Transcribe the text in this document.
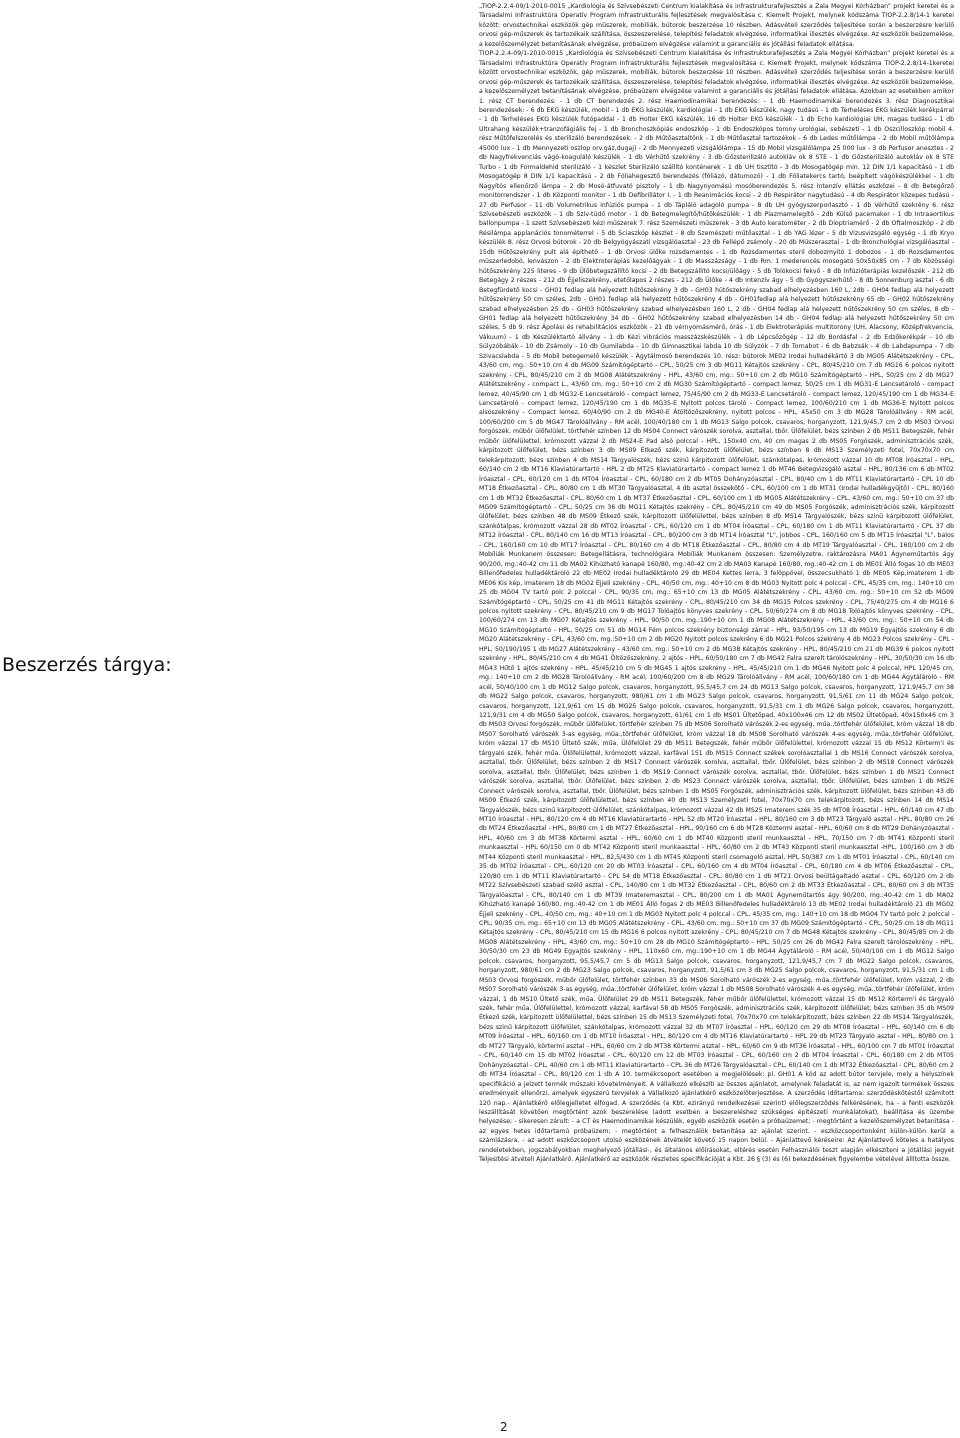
Beszerzés tárgya:

„TIOP-2.2.4-09/1-2010-0015 „Kardiológia és Szívsebészeti Centrum kialakítása és infrastrukturafejlesztés a Zala Megyei Kórházban” projekt keretei és a Társadalmi Infrastruktúra Operatív Program Infrastrukturális fejlesztések megvalósítása c. Kiemelt Projekt, melynek kódszáma TIOP-2.2.8/14-1 keretei között: orvostechnikai eszközök gép műszerek, mobíliák, bútorok beszerzése 10 részben. Adásvételi szerződés teljesítése során a beszerzésre kerülő orvosi gép-műszerek és tartozékaik szállítása, összeszerelése, telepítési feladatok elvégzése, informatikai illesztés elvégzése. Az eszközök beüzemelése, a kezelőszemélyzet betanításának elvégzése, próbaüzem elvégzése valamint a garanciális és jótállási feladatok ellátása.

TIOP-2.2.4-09/1-2010-0015 „Kardiológia és Szívsebészeti Centrum kialakítása és infrastrukturafejlesztés a Zala Megyei Kórházban” projekt keretei és a Társadalmi Infrastruktúra Operatív Program Infrastrukturális fejlesztések megvalósítása c. Kiemelt Projekt, melynek kódszáma TIOP-2.2.8/14-1keretei között orvostechnikai eszközök, gép műszerek, mobíliák, bútorok beszerzése 10 részben. Adásvételi szerződés teljesítése során a beszerzésre kerülő orvosi gép-műszerek és tartozékaik szállítása, összeszerelése, telepítési feladatok elvégzése, informatikai illesztés elvégzése. Az eszközök beüzemelése, a kezelőszemélyzet betanításának elvégzése, próbaüzem elvégzése valamint a garanciális és jótállási feladatok ellátása. Azokban az esetekben amikor 1. rész CT berendezés: - 1 db CT berendezés 2. rész Haemodinamikai berendezés: - 1 db Haemodinamikai berendezés 3. rész Diagnosztikai berendezések: - 6 db EKG készülék, mobil - 1 db EKG készülék, kardiológiai - 1 db EKG készülék, nagy tudású - 1 db Terheléses EKG készülék kerékpárral - 1 db Terheléses EKG készülék futópaddal - 1 db Holter EKG készülék, 16 db Holter EKG készülék - 1 db Echo kardiológiai UH, magas tudású - 1 db Ultrahang készülék+tranzofágiális fej - 1 db Bronchoszkópiás endoszkóp - 1 db Endoszkópos torony urológiai, sebészeti - 1 db Oszcilloszkóp mobil 4. rész Műtőfelszerelés és sterilizáló berendezések: - 2 db Műtőasztaltönk - 1 db Műtőasztal tartozékok - 6 db Ledes műtőlámpa - 2 db Mobil műtőlámpa 45000 lux - 1 db Mennyezeti oszlop orv.gáz,dugaj) - 2 db Mennyezeti vizsgálólámpa - 15 db Mobil vizsgálólámpa 25 000 lux - 3 db Perfusor anesztes - 2 db Nagyfrekvenciás vágó-koaguláló készülék - 1 db Vérhűtő szekrény - 3 db Gőzsterilizáló autokláv ok 8 STE - 1 db Gőzsterilizáló autokláv ok 8 STE Turbo - 1 db Formaldehid sterilizáló - 1 készlet Sterilizáló szállító konténerek - 1 db UH tisztító - 3 db Mosogatógép min. 12 DIN 1/1 kapacitású - 1 db Mosogatógép 8 DIN 1/1 kapacitású - 2 db Fóliahegesztő berendezés (fóliázó, dátumozó) - 1 db Fóliatekercs tartó, beépített vágókészülékkel - 1 db Nagyítós ellenőrző lámpa - 2 db Mosó-átfuvató pisztoly - 1 db Nagynyomású mosóberendezés 5. rész Intenzív ellátás eszközei - 8 db Betegőrző monitorrendszer - 1 db Központi monitor - 1 db Defibrillátor I. - 1 db Reanimációs kocsi - 2 db Respirátor nagytudású - 4 db Respirátor közepes tudású - 27 db Perfusor - 11 db Volumetrikus infúziós pumpa - 1 db Tápláló adagoló pumpa - 8 db UH gyógyszerporlasztó - 1 db Vérhűtő szekrény 6. rész Szívsebészeti eszközök - 1 db Szív-tüdő motor - 1 db Betegmelegítő/hűtőkészülék - 1 db Plazmamelegítő - 2db Külső pacemaker - 1 db Intraaortikus ballonpumpa - 1 szett Szívsebészeti kézi műszerek 7. rész Szemészeti műszerek - 3 db Auto keratométer - 2 db Dioptriamérő - 2 db Oftalmoszkóp - 2 db Résilámpa applanációs tonométerrel - 5 db Sciaszkóp készlet - 8 db Szemészeti műtőasztal - 1 db YAG lézer - 5 db Vizusvizsgáló egység - 1 db Kryo készülék 8. rész Orvosi bútorok - 20 db Belgyógyászati vizsgálóasztal - 23 db Fellépő zsámoly - 20 db Műszerasztal - 1 db Bronchológiai vizsgálóasztal - 15db Hűtőszekrény pult alá építhető - 1 db Orvosi ülőke rozsdamentes - 1 db Rozsdamentes steril dobozmyitó 1 dobozos - 1 db Rozsdamentes műszerledobó, lenvászon - 2 db Elektroterápiás kezelőágyak - 1 db Masszázságy - 1 db Rm. 1 mederencés mosogató 50x50x85 cm - 7 db Közösségi hűtőszekrény 225 literes - 9 db Ülőbetegszállító kocsi - 2 db Betegszállító kocsi/ülőágy - 5 db Tolókocsi fekvő - 8 db Infúzióterápiás kezelőszék - 212 db Betegágy 2 részes - 212 db Éjjeliszekrény, etetőlapos 2 részes - 212 db Ülőke - 4 db Intenzív ágy - 5 db Gyógyszerhűtő - 8 db Sonnenburg asztal - 6 db Betegfürdető kocsi - GH01 fedlap alá helyezett hűtőszekrény 3 db - GH03 hűtőszekrény szabad elhelyezésben 160 L, 2db - GH04 fedlap alá helyezett hűtőszekrény 50 cm széles, 2db - GH01 fedlap alá helyezett hűtőszekrény 4 db - GH01fedlap alá helyezett hűtőszekrény 65 db - GH02 hűtőszekrény szabad elhelyezésben 25 db - GH03 hűtőszekrény szabad elhelyezésben 160 L, 2 db - GH04 fedlap alá helyezett hűtőszekrény 50 cm széles, 8 db - GH01 fedlap alá helyezett hűtőszekrény 34 db - GH02 hűtőszekrény szabad elhelyezésben 14 db - GH04 fedlap alá helyezett hűtőszekrény 50 cm széles, 5 db 9. rész Ápolási és rehabilitációs eszközök - 21 db vérnyomásmérő, órás - 1 db Elektroterápiás multitorony (UH, Alacsony, Középfrekvencia, Vákuum) - 1 db Készüléktartó állvány - 1 db Kézi vibrációs masszázskészülék - 1 db Lépcsőzőgép - 12 db Bordásfal - 2 db Edzőkerékpár - 10 db Súlyzóbábák - 10 db Zsámoly - 10 db Gumilabda - 10 db Gimnasztikai labda 10 db Súlyzók - 7 db Tornabot - 6 db Babzsák - 4 db Labdapumpa - 7 db Szivacslabda - 5 db Mobil betegemelő készülék - Ágytálmosó berendezés 10. rész: bútorok ME02 Irodai hulladékártó 3 db MG05 Alátétszekrény - CPL, 43/60 cm, mg.: 50+10 cm 4 db MG09 Számítógéptartó - CPL, 50/25 cm 3 db MG11 Kétajtós szekrény - CPL, 80/45/210 cm 7 db MG16 6 polcos nyitott szekrény - CPL, 80/45/210 cm 2 db MG08 Alátétszekrény - HPL, 43/60 cm, mg.: 50+10 cm 2 db MG10 Számítógéptartó - HPL, 50/25 cm 2 db MG27 Alátétszekrény - compact L., 43/60 cm, mg.: 50+10 cm 2 db MG30 Számítógéptartó - compact lemez, 50/25 cm 1 db MG31-E Lencsetároló - compact lemez, 40/45/90 cm 1 db MG32-E Lencsetároló - compact lemez, 75/45/90 cm 2 db MG33-E Lencsetároló - compact lemez, 120/45/190 cm 1 db MG34-E Lencsetároló - compact lemez, 120/45/190 cm 1 db MG35-E Nyitott polcos tároló - Compact lemez, 100/60/210 cm 1 db MG36-E Nyitott polcos alsószekrény - Compact lemez, 60/40/90 cm 2 db MG40-E Átöltözőszekrény, nyitott polcos - HPL, 45x50 cm 3 db MG28 Tárolóállvány - RM acél, 100/60/200 cm 5 db MG47 Tárolóállvány - RM acél, 100/40/180 cm 1 db MG13 Salgo polcok, csavaros, horganyzott, 121,9/45,7 cm 2 db MS03 Orvosi forgószék, műbőr ülőfelület, törtfehér színben 12 db MS04 Connect várószék sorolva, asztallal, tbőr. Ülőfelület, bézs színben 2 db MS11 Betegszék, fehér műbőr ülőfelülettel, krómozott vázzal 2 db MS24-E Pad alsó polccal - HPL, 150x40 cm, 40 cm magas 2 db MS05 Forgószék, adminisztrációs szék, kárpitozott ülőfelület, bézs színben 3 db MS09 Étkező szék, kárpitozott ülőfelület, bézs színben 8 db MS13 Személyzeti fotel, 70x70x70 cm telekárpitozott, bézs színben 4 db MS14 Tárgyalószék, bézs szinű kárpitozott ülőfelület, szánkótalpas, krómozott vázzal 10 db MT08 Íróasztal - HPL, 60/140 cm 2 db MT16 Klaviatúrartartó - HPL 2 db MT25 Klaviatúrartartó - compact lemez 1 db MT46 Betegvizsgáló asztal - HPL, 80/136 cm 6 db MT02 Íróasztal - CPL, 60/120 cm 1 db MT04 Íróasztal - CPL, 60/180 cm 2 db MT05 Dohányzóasztal - CPL, 80/40 cm 1 db MT11 Klaviatúrartartó - CPL 10 db MT18 Étkezőasztal - CPL, 80/80 cm 1 db MT30 Tárgyalóasztal, 4 db asztal összekötő - CPL, 60/100 cm 1 db MT31 (Irodai hulladékgyűjtő) - CPL, 80/160 cm 1 db MT32 Étkezőasztal - CPL, 80/60 cm 1 db MT37 Étkezőasztal - CPL, 60/100 cm 1 db MG05 Alátétszekrény - CPL, 43/60 cm, mg.: 50+10 cm 37 db MG09 Számítógéptartó - CPL, 50/25 cm 36 db MG11 Kétajtós szekrény - CPL, 80/45/210 cm 49 db MS05 Forgószék, adminisztrációs szék, kárpitozott ülőfelület, bézs színben 48 db MS09 Étkező szék, kárpitozott ülőfelülettel, bézs színben 8 db MS14 Tárgyalószék, bézs szinű kárpitozott ülőfelület, szánkótalpas, krómozott vázzal 28 db MT02 Íróasztal - CPL, 60/120 cm 1 db MT04 Íróasztal - CPL, 60/180 cm 1 db MT11 Klaviatúrartartó - CPL 37 db MT12 Íróasztal - CPL, 80/140 cm 16 db MT13 Íróasztal - CPL, 80/200 cm 3 db MT14 Íróasztal "L", jobbos - CPL, 160/160 cm 5 db MT15 Íróasztal "L", balos - CPL, 160/160 cm 10 db MT17 Íróasztal - CPL, 80/160 cm 4 db MT18 Étkezőasztal - CPL, 80/80 cm 4 db MT19 Tárgyalóasztal - CPL, 160/100 cm 2 db Mobíliák Munkanem összesen: Betegellátásra, technológiára Mobíliák Munkanem összesen: Személyzetre, raktározásra MA01 Ágyneműtartós ágy 90/200, mg.:40-42 cm 11 db MA02 Kihúzható kanapé 160/80, mg.:40-42 cm 2 db MA03 Kanapé 160/80, mg.:40-42 cm 1 db ME01 Álló fogas 10 db ME03 Billenőfedeles hulladéktároló 22 db ME02 Irodai hulladéktároló 29 db ME04 Kettes lerra, 3 felöppövel, összecsukható 1 db ME05 Kép,imaterem 1 db ME06 Kis kép, imaterem 18 db MG02 Éjjeli szekrény - CPL, 40/50 cm, mg.: 40+10 cm 8 db MG03 Nyitott polc 4 polccal - CPL, 45/35 cm, mg.: 140+10 cm 25 db MG04 TV tartó polc 2 polccal - CPL, 90/35 cm, mg.: 65+10 cm 13 db MG05 Alátétszekrény - CPL, 43/60 cm, mg.: 50+10 cm 52 db MG09 Számítógéptartó - CPL, 50/25 cm 41 db MG11 Kétajtós szekrény - CPL, 80/45/210 cm 34 db MG15 Polcos szekrény - CPL, 75/40/275 cm 4 db MG16 6 polcos nyitott szekrény - CPL, 80/45/210 cm 9 db MG17 Tolóajtós könyves szekrény - CPL, 50/60/274 cm 8 db MG18 Tolóajtós könyves szekrény - CPL, 100/60/274 cm 13 db MG07 Kétajtós szekrény - HPL, 90/50 cm, mg.:190+10 cm 1 db MG08 Alátétszekrény - HPL, 43/60 cm, mg.: 50+10 cm 54 db MG10 Számítógéptartó - HPL, 50/25 cm 51 db MG14 Fém polcos szekrény biztonsági zárral - HPL, 93/50/195 cm 13 db MG19 Egyajtós szekrény 6 db MG20 Alátétszekrény - CPL, 43/60 cm, mg.:50+10 cm 2 db MG20 Nyitott polcos szekrény 6 db MG21 Polcos szekrény 4 db MG23 Polcos szekrény - CPL - HPL, 50/190/195 1 db MG27 Alátétszekrény - 43/60 cm, mg.: 50+10 cm 2 db MG38 Kétajtós szekrény - HPL, 80/45/210 cm 21 db MG39 6 polcos nyitott szekrény - HPL, 80/45/210 cm 4 db MG41 Öltözőszekrény, 2 ajtós - HPL, 60/50/180 cm 7 db MG42 Falra szerelt tárolószekrény - HPL, 30/50/30 cm 16 db MG43 Hűtő 1 ajtós szekrény - HPL, 45/45/210 cm 5 db MG45 1 ajtós szekrény - HPL, 45/45/210 cm 1 db MG46 Nyitott polc 4 polccal, HPL 120/45 cm, mg.: 140+10 cm 2 db MG28 Tárolóállvány - RM acél, 100/60/200 cm 8 db MG29 Tárolóállvány - RM acél, 100/60/180 cm 1 db MG44 Ágytálároló - RM acél, 50/40/100 cm 1 db MG12 Salgo polcok, csavaros, horganyzott, 95,5/45,7 cm 24 db MG13 Salgo polcok, csavaros, horganyzott, 121,9/45,7 cm 38 db MG22 Salgo polcok, csavaros, horganyzott, 980/61 cm 1 db MG23 Salgo polcok, csavaros, horganyzott, 91,5/61 cm 11 db MG24 Salgo polcok, csavaros, horganyzott, 121,9/61 cm 15 db MG25 Salgo polcok, csavaros, horganyzott, 91,5/31 cm 1 db MG26 Salgo polcok, csavaros, horganyzott, 121,9/31 cm 4 db MG50 Salgo polcok, csavaros, horganyzott, 61/61 cm 1 db MS01 Ültetőpad, 40x100x46 cm 12 db MS02 Ültetőpad, 40x150x46 cm 3 db MS03 Orvosi forgószék, műbőr ülőfelület, törtfehér színben 75 db MS06 Sorolható várószék 2-es egység, műa.,törtfehér ülőfelület, króm vázzal 18 db MS07 Sorolható várószék 3-as egység, műa.,törtfehér ülőfelület, króm vázzal 18 db MS08 Sorolható várószék 4-es egység, műa.,törtfehér ülőfelület, króm vázzal 17 db MS10 Ültető szék, műa. Ülőfelület 29 db MS11 Betegszék, fehér műbőr ülőfelülettel, krómozott vázzal 15 db MS12 Körterm'i és tárgyaló szék, fehér műa. Ülőfelülettel, krómozott vázzal, karfával 151 db MS15 Connect székek sorolóasztallal 1 db MS16 Connect várószék sorolva, asztallal, tbőr. Ülőfelület, bézs színben 2 db MS17 Connect várószék sorolva, asztallal, tbőr. Ülőfelület, bézs színben 2 db MS18 Connect várószék sorolva, asztallal, tbőr. Ülőfelület, bézs színben 1 db MS19 Connect várószék sorolva, asztallal, tbőr. Ülőfelület, bézs színben 1 db MS21 Connect várószék sorolva, asztallal, tbőr. Ülőfelület, bézs színben 2 db MS23 Connect várószék sorolva, asztallal, tbőr. Ülőfelület, bézs színben 1 db MS26 Connect várószék sorolva, asztallal, tbőr. Ülőfelület, bézs színben 1 db MS05 Forgószék, adminisztrációs szék, kárpitozott ülőfelület, bézs színben 43 db MS09 Étkező szék, kárpitozott ülőfelülettel, bézs színben 40 db MS13 Személyzeti fotel, 70x70x70 cm telekárpitozott, bézs színben 14 db MS14 Tárgyalószék, bézs szinű kárpitozott ülőfelület, szánkótalpas, krómozott vázzal 42 db MS25 Imaterem szék 35 db MT08 Íróasztal - HPL, 60/140 cm 47 db MT10 Íróasztal - HPL, 80/120 cm 4 db MT16 Klaviatúrartartó - HPL 52 db MT20 Íróasztal - HPL, 80/160 cm 3 db MT23 Tárgyaló asztal - HPL, 80/80 cm 26 db MT24 Étkezőasztal - HPL, 80/80 cm 1 db MT27 Étkezőasztal - HPL, 90/160 cm 6 db MT28 Köztermi asztal - HPL, 60/60 cm 8 db MT29 Dohányzóasztal - HPL, 40/60 cm 3 db MT38 Körtermi asztal - HPL, 60/60 cm 1 db MT40 Központi steril munkaasztal - HPL, 70/150 cm 7 db MT41 Központi steril munkaasztal - HPL 60/150 cm 0 db MT42 Központi steril munkaasztal - HPL, 60/80 cm 2 db MT43 Központi steril munkaasztal -HPL, 100/160 cm 3 db MT44 Központi steril munkaasztal - HPL, 82,5/430 cm 1 db MT45 Központi steril csomagoló asztal, HPL 50/387 cm 1 db MT01 Íróasztal - CPL, 60/140 cm 35 db MT02 Íróasztal - CPL, 60/120 cm 20 db MT03 Íróasztal - CPL, 60/160 cm 4 db MT04 Íróasztal - CPL, 60/180 cm 4 db MT06 Étkezőasztal - CPL, 120/80 cm 1 db MT11 Klaviatúrartartó - CPL 54 db MT18 Étkezőasztal - CPL, 80/80 cm 1 db MT21 Orvosi beültágaltadó asztal - CPL, 60/120 cm 2 db MT22 Szívsebészeti szabad szélű asztal - CPL, 140/80 cm 1 db MT32 Étkezőasztal - CPL, 80/60 cm 2 db MT33 Étkezőasztal - CPL, 80/60 cm 3 db MT35 Tárgyalóasztal - CPL, 80/140 cm 1 db MT39 Imateremasztal - CPL, 80/200 cm 1 db MA01 Ágyneműtartós ágy 90/200, mg.:40-42 cm 1 db MA02 Kihúzható kanapé 160/80, mg.:40-42 cm 1 db ME01 Álló fogas 2 db ME03 Billenőfedeles hulladéktároló 13 db ME02 Irodai hulladéktároló 21 db MG02 Éjjeli szekrény - CPL, 40/50 cm, mg.: 40+10 cm 1 db MG03 Nyitott polc 4 polccal - CPL, 45/35 cm, mg.: 140+10 cm 18 db MG04 TV tartó polc 2 polccal - CPL, 90/35 cm, mg.: 65+10 cm 13 db MG05 Alátétszekrény - CPL, 43/60 cm, mg.: 50+10 cm 37 db MG09 Számítógéptartó - CPL, 50/25 cm 18 db MG11 Kétajtós szekrény - CPL, 80/45/210 cm 15 db MG16 6 polcos nyitott szekrény - CPL, 80/45/210 cm 7 db MG48 Kétajtós szekrény - CPL, 80/45/85 cm 2 db MG08 Alátétszekrény - HPL, 43/60 cm, mg.: 50+10 cm 28 db MG10 Számítógéptartó - HPL, 50/25 cm 26 db MG42 Falra szerelt tárolószekrény - HPL, 30/50/30 cm 23 db MG49 Egyajtós szekrény - HPL, 110x60 cm, mg.:190+10 cm 1 db MG44 Ágytálároló - RM acél, 50/40/100 cm 1 db MG12 Salgo polcok, csavaros, horganyzott, 95,5/45,7 cm 5 db MG13 Salgo polcok, csavaros, horganyzott, 121,9/45,7 cm 7 db MG22 Salgo polcok, csavaros, horganyzott, 980/61 cm 2 db MG23 Salgo polcok, csavaros, horganyzott, 91,5/61 cm 3 db MG25 Salgo polcok, csavaros, horganyzott, 91,5/31 cm 1 db MS03 Orvosi forgószék, műbőr ülőfelület, törtfehér színben 33 db MS06 Sorolható várószék 2-es egység, műa.,törtfehér ülőfelület, króm vázzal, 2 db MS07 Sorolható várószék 3-as egység, műa.,törtfehér ülőfelület, króm vázzal 1 db MS08 Sorolható várószék 4-es egység, műa.,törtfehér ülőfelület, króm vázzal, 1 db MS10 Ültető szék, műa. Ülőfelület 29 db MS11 Betegszék, fehér műbőr ülőfelülettel, krómozott vázzal 15 db MS12 Körterm'i és tárgyaló szék, fehér műa. Ülőfelülettel, krómozott vázzal, karfával 58 db MS05 Forgószék, adminisztrációs szék, kárpitozott ülőfelület, bézs színben 35 db MS09 Étkező szék, kárpitozott ülőfelülettel, bézs színben 15 db MS13 Személyzeti fotel, 70x70x70 cm telekárpitozott, bézs színben 22 db MS14 Tárgyalószék, bézs szinű kárpitozott ülőfelület, szánkótalpas, krómozott vázzal 32 db MT07 Íróasztal - HPL, 60/120 cm 29 db MT08 Íróasztal - HPL, 60/140 cm 6 db MT09 Íróasztal - HPL, 60/160 cm 1 db MT10 Íróasztal - HPL, 80/120 cm 4 db MT16 Klaviatúrartartó - HPL 29 db MT23 Tárgyaló asztal - HPL, 80/80 cm 1 db MT27 Tárgyaló, körtermi asztal - HPL, 60/60 cm 2 db MT38 Körtermi asztal - HPL, 60/60 cm 9 db MT36 Íróasztal - HPL, 60/100 cm 7 db MT01 Íróasztal - CPL, 60/140 cm 15 db MT02 Íróasztal - CPL, 60/120 cm 12 db MT03 Íróasztal - CPL, 60/160 cm 2 db MT04 Íróasztal - CPL, 60/180 cm 2 db MT05 Dohányzóasztal - CPL, 40/60 cm 1 db MT11 Klaviatúrartartó - CPL 36 db MT26 Tárgyalóasztal - CPL, 60/140 cm 1 db MT32 Étkezőasztal - CPL, 80/60 cm 2 db MT34 Íróasztal - CPL, 80/120 cm 1 db A 10. termékcsoport esetében a megjelölések: pl. GH01 A kód az adott bútor tervjele, mely a helyszínek specifikáció a jelzett termék műszaki követelményeit. A vállalkozó elkészíti az összes ajánlatot, amelynek feladatát is, az nem igazolt termékek összes eredményeit ellenőrzi, amelyek egyszerű tervjelek a Vállalkozó ajánlatkérő eszközelőterjesztése. A szerződés időtartama: szerződéskötéstől számított 120 nap.- Ajánlatkérő előlegjelletet elfogad. A szerződés (a Kbt. ezirányú rendelkezései szerint) előlegszerződés felkérésének, ha - a fenti eszközök leszállítását követően megtörtént azok beszerelése (adott esetben a beszereléshez szükséges építészeti munkálatokat), beállítása és üzembe helyezése; - sikeresen zárult: - a CT és Haemodinamikai készülék, egyéb eszközök esetén a próbaüzemet; - megtörtént a kezelőszemélyzet betanítása - az egyes hetes időtartamú próbaüzem; - megtörtént a felhasználók betanítása az ajánlat szerint. - eszközcsoportonként külön-külön kerül a számlázásra, - az adott eszközcsoport utolsó eszközének átvételét követő 15 napon belül. - Ajánlattevő kéréseire: Az Ajánlattevő köteles a hatályos rendeletekben, jogszabályokban meghelyező jótállási-, és általános előírásokat, eltérés esetén Felhasználói teszt alapján elkészíteni a jótállási jegyet Teljesítési átvételi Ajánlatkérő. Ajánlatkérő az eszközök részletes specifikációját a Kbt. 26 § (3) és (6) bekezdésének figyelembe vételével állította össze.

2
